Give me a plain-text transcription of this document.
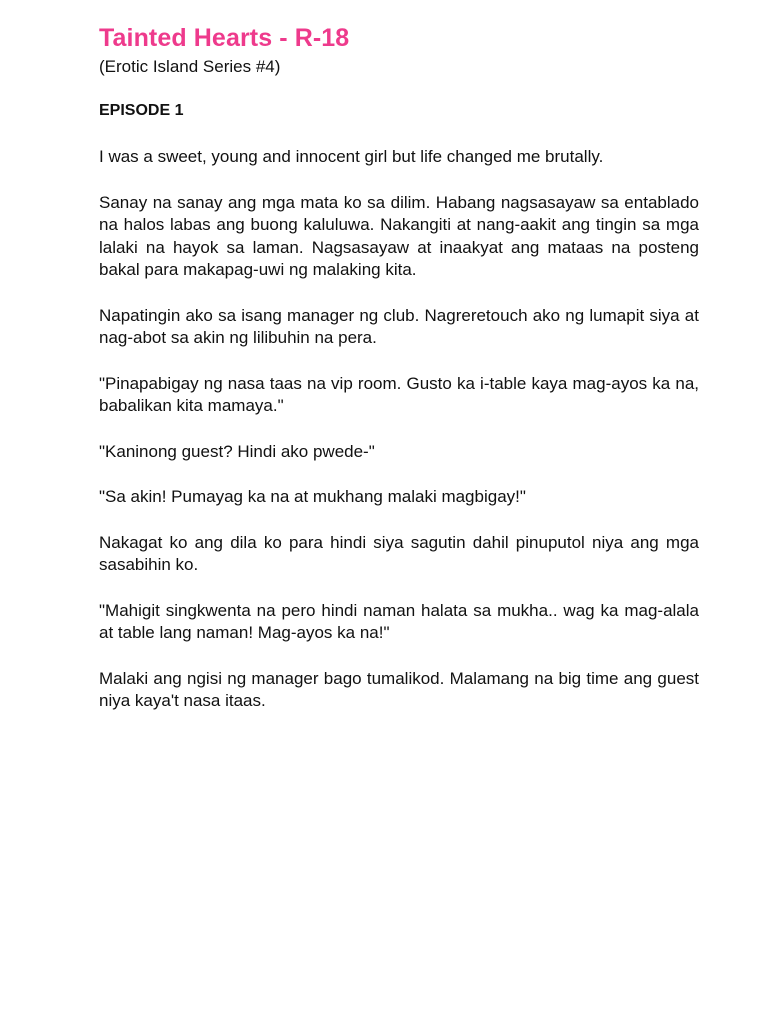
Tainted Hearts - R-18

(Erotic Island Series #4)

EPISODE 1

I was a sweet, young and innocent girl but life changed me brutally.

Sanay na sanay ang mga mata ko sa dilim. Habang nagsasayaw sa entablado na halos labas ang buong kaluluwa. Nakangiti at nang-aakit ang tingin sa mga lalaki na hayok sa laman. Nagsasayaw at inaakyat ang mataas na posteng bakal para makapag-uwi ng malaking kita.

Napatingin ako sa isang manager ng club. Nagreretouch ako ng lumapit siya at nag-abot sa akin ng lilibuhin na pera.

"Pinapabigay ng nasa taas na vip room. Gusto ka i-table kaya mag-ayos ka na, babalikan kita mamaya."

"Kaninong guest? Hindi ako pwede-"

"Sa akin! Pumayag ka na at mukhang malaki magbigay!"

Nakagat ko ang dila ko para hindi siya sagutin dahil pinuputol niya ang mga sasabihin ko.

"Mahigit singkwenta na pero hindi naman halata sa mukha.. wag ka mag-alala at table lang naman! Mag-ayos ka na!"

Malaki ang ngisi ng manager bago tumalikod. Malamang na big time ang guest niya kaya't nasa itaas.
